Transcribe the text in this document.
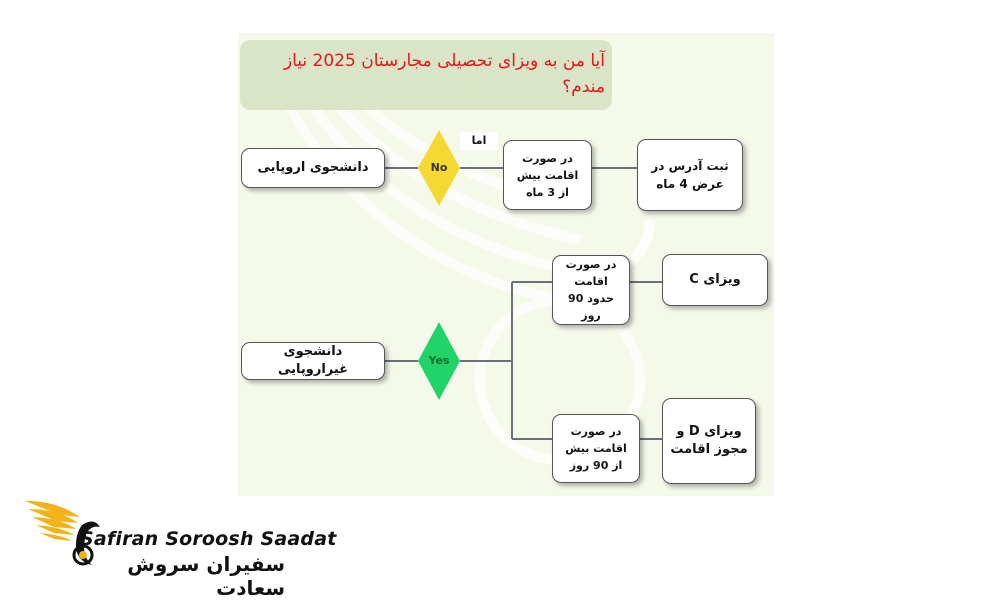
آیا من به ویزای تحصیلی مجارستان 2025 نیاز مندم؟
No
Yes
اما
دانشجوی اروپایی
دانشجوی غیراروپایی
در صورت اقامت بیش از 3 ماه
ثبت آدرس در عرض 4 ماه
در صورت اقامت حدود 90 روز
ویزای C
در صورت اقامت بیش از 90 روز
ویزای D و مجوز اقامت
Safiran Soroosh Saadat
سفیران سروش سعادت
